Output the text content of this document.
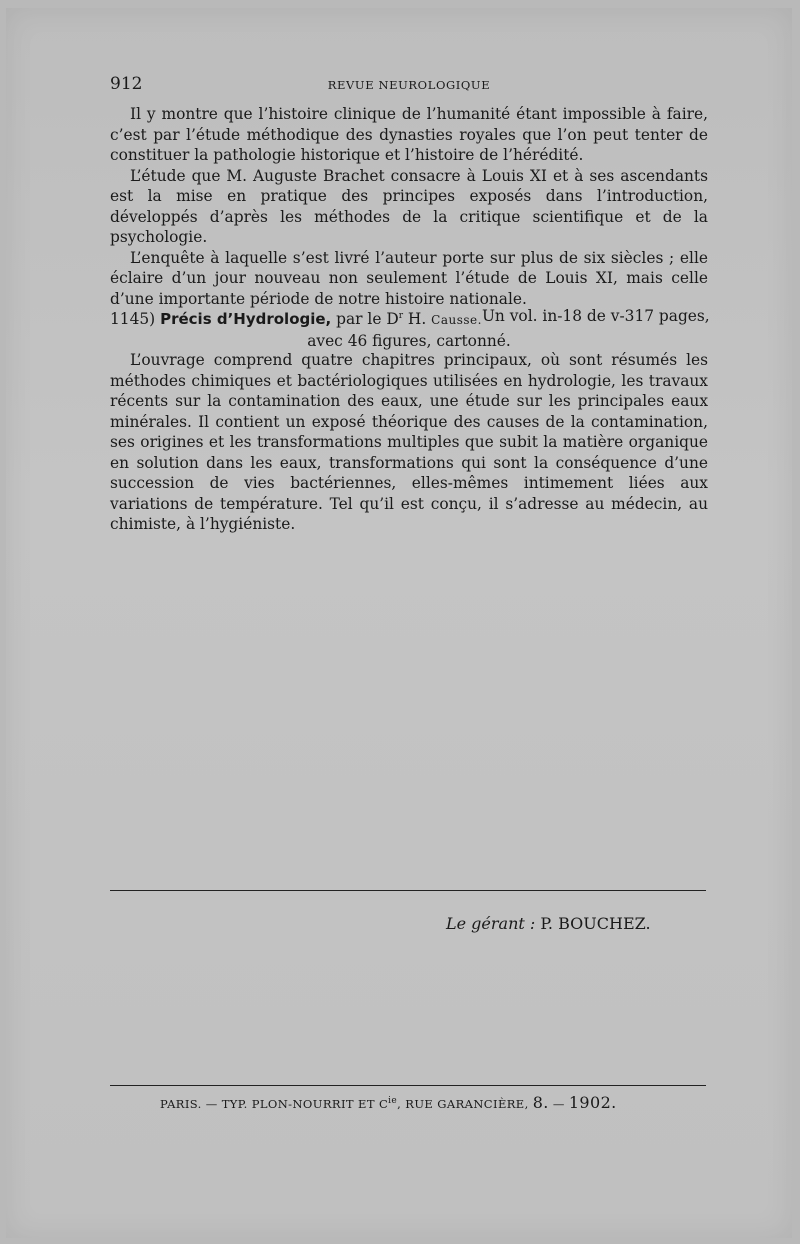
912	REVUE NEUROLOGIQUE

Il y montre que l’histoire clinique de l’humanité étant impossible à faire, c’est par l’étude méthodique des dynasties royales que l’on peut tenter de constituer la pathologie historique et l’histoire de l’hérédité.

L’étude que M. Auguste Brachet consacre à Louis XI et à ses ascendants est la mise en pratique des principes exposés dans l’introduction, développés d’après les méthodes de la critique scientifique et de la psychologie.

L’enquête à laquelle s’est livré l’auteur porte sur plus de six siècles ; elle éclaire d’un jour nouveau non seulement l’étude de Louis XI, mais celle d’une importante période de notre histoire nationale.

1145) Précis d’Hydrologie, par le $D^r$ H. Causse. Un vol. in-18 de v-317 pages,
avec 46 figures, cartonné.

L’ouvrage comprend quatre chapitres principaux, où sont résumés les méthodes chimiques et bactériologiques utilisées en hydrologie, les travaux récents sur la contamination des eaux, une étude sur les principales eaux minérales. Il contient un exposé théorique des causes de la contamination, ses origines et les transformations multiples que subit la matière organique en solution dans les eaux, transformations qui sont la conséquence d’une succession de vies bactériennes, elles-mêmes intimement liées aux variations de température. Tel qu’il est conçu, il s’adresse au médecin, au chimiste, à l’hygiéniste.

Le gérant : P. BOUCHEZ.
PARIS. — TYP. PLON-NOURRIT ET $C^{ie}$, RUE GARANCIÈRE, 8. — 1902.
